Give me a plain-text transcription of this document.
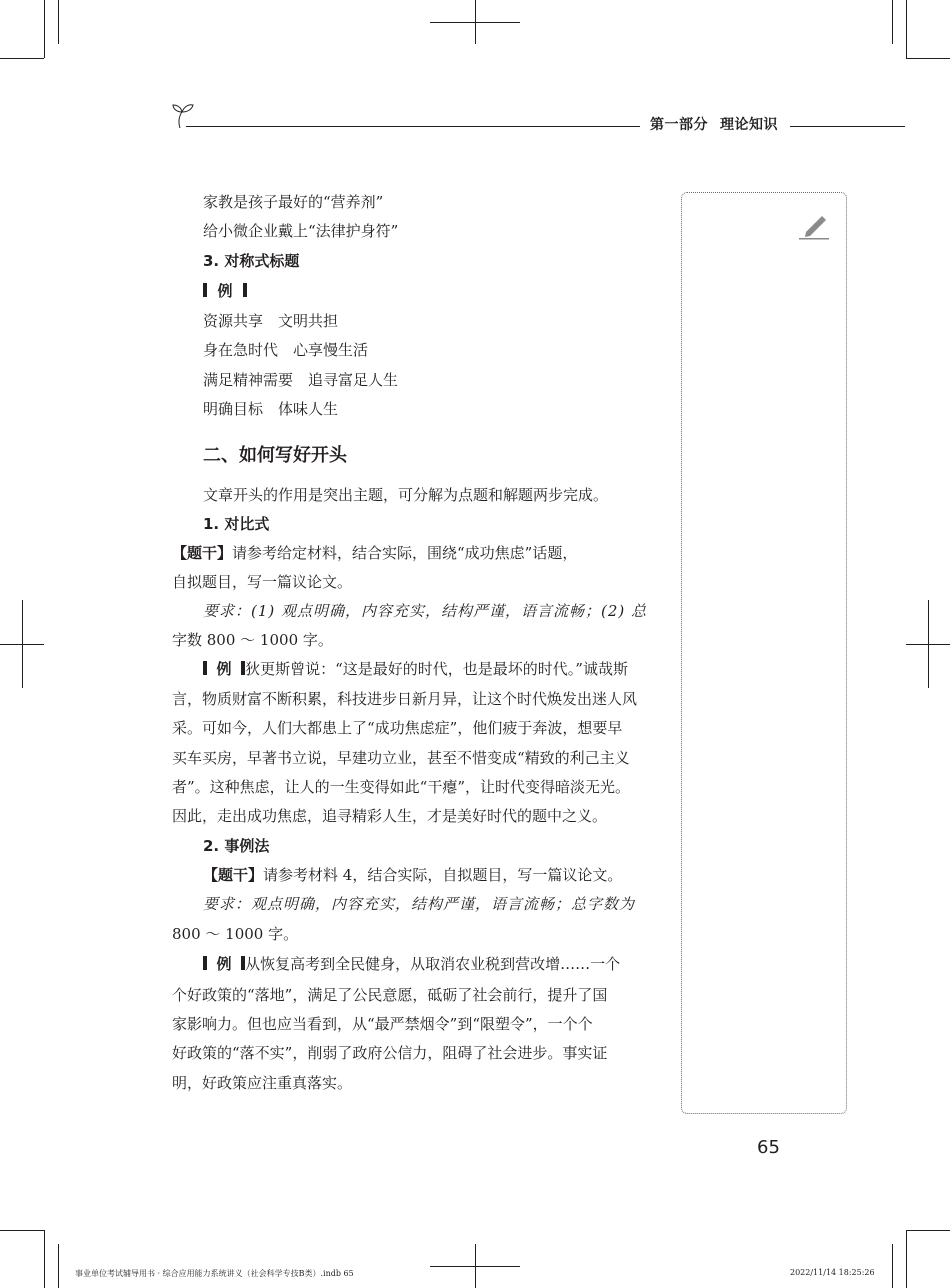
第一部分 理论知识
家教是孩子最好的“营养剂”
给小微企业戴上“法律护身符”
3. 对称式标题
例
资源共享　文明共担
身在急时代　心享慢生活
满足精神需要　追寻富足人生
明确目标　体味人生
二、如何写好开头
文章开头的作用是突出主题，可分解为点题和解题两步完成。
1. 对比式
【题干】请参考给定材料，结合实际，围绕“成功焦虑”话题，
自拟题目，写一篇议论文。
要求：(1) 观点明确，内容充实，结构严谨，语言流畅；(2) 总
字数 800 ～ 1000 字。
例 狄更斯曾说：“这是最好的时代，也是最坏的时代。”诚哉斯
言，物质财富不断积累，科技进步日新月异，让这个时代焕发出迷人风
采。可如今，人们大都患上了“成功焦虑症”，他们疲于奔波，想要早
买车买房，早著书立说，早建功立业，甚至不惜变成“精致的利己主义
者”。这种焦虑，让人的一生变得如此“干瘪”，让时代变得暗淡无光。
因此，走出成功焦虑，追寻精彩人生，才是美好时代的题中之义。
2. 事例法
【题干】请参考材料 4，结合实际，自拟题目，写一篇议论文。
要求：观点明确，内容充实，结构严谨，语言流畅；总字数为
800 ～ 1000 字。
例 从恢复高考到全民健身，从取消农业税到营改增……一个
个好政策的“落地”，满足了公民意愿，砥砺了社会前行，提升了国
家影响力。但也应当看到，从“最严禁烟令”到“限塑令”，一个个
好政策的“落不实”，削弱了政府公信力，阻碍了社会进步。事实证
明，好政策应注重真落实。
65
事业单位考试辅导用书 · 综合应用能力系统讲义（社会科学专技B类）.indb 65	2022/11/14 18:25:26
